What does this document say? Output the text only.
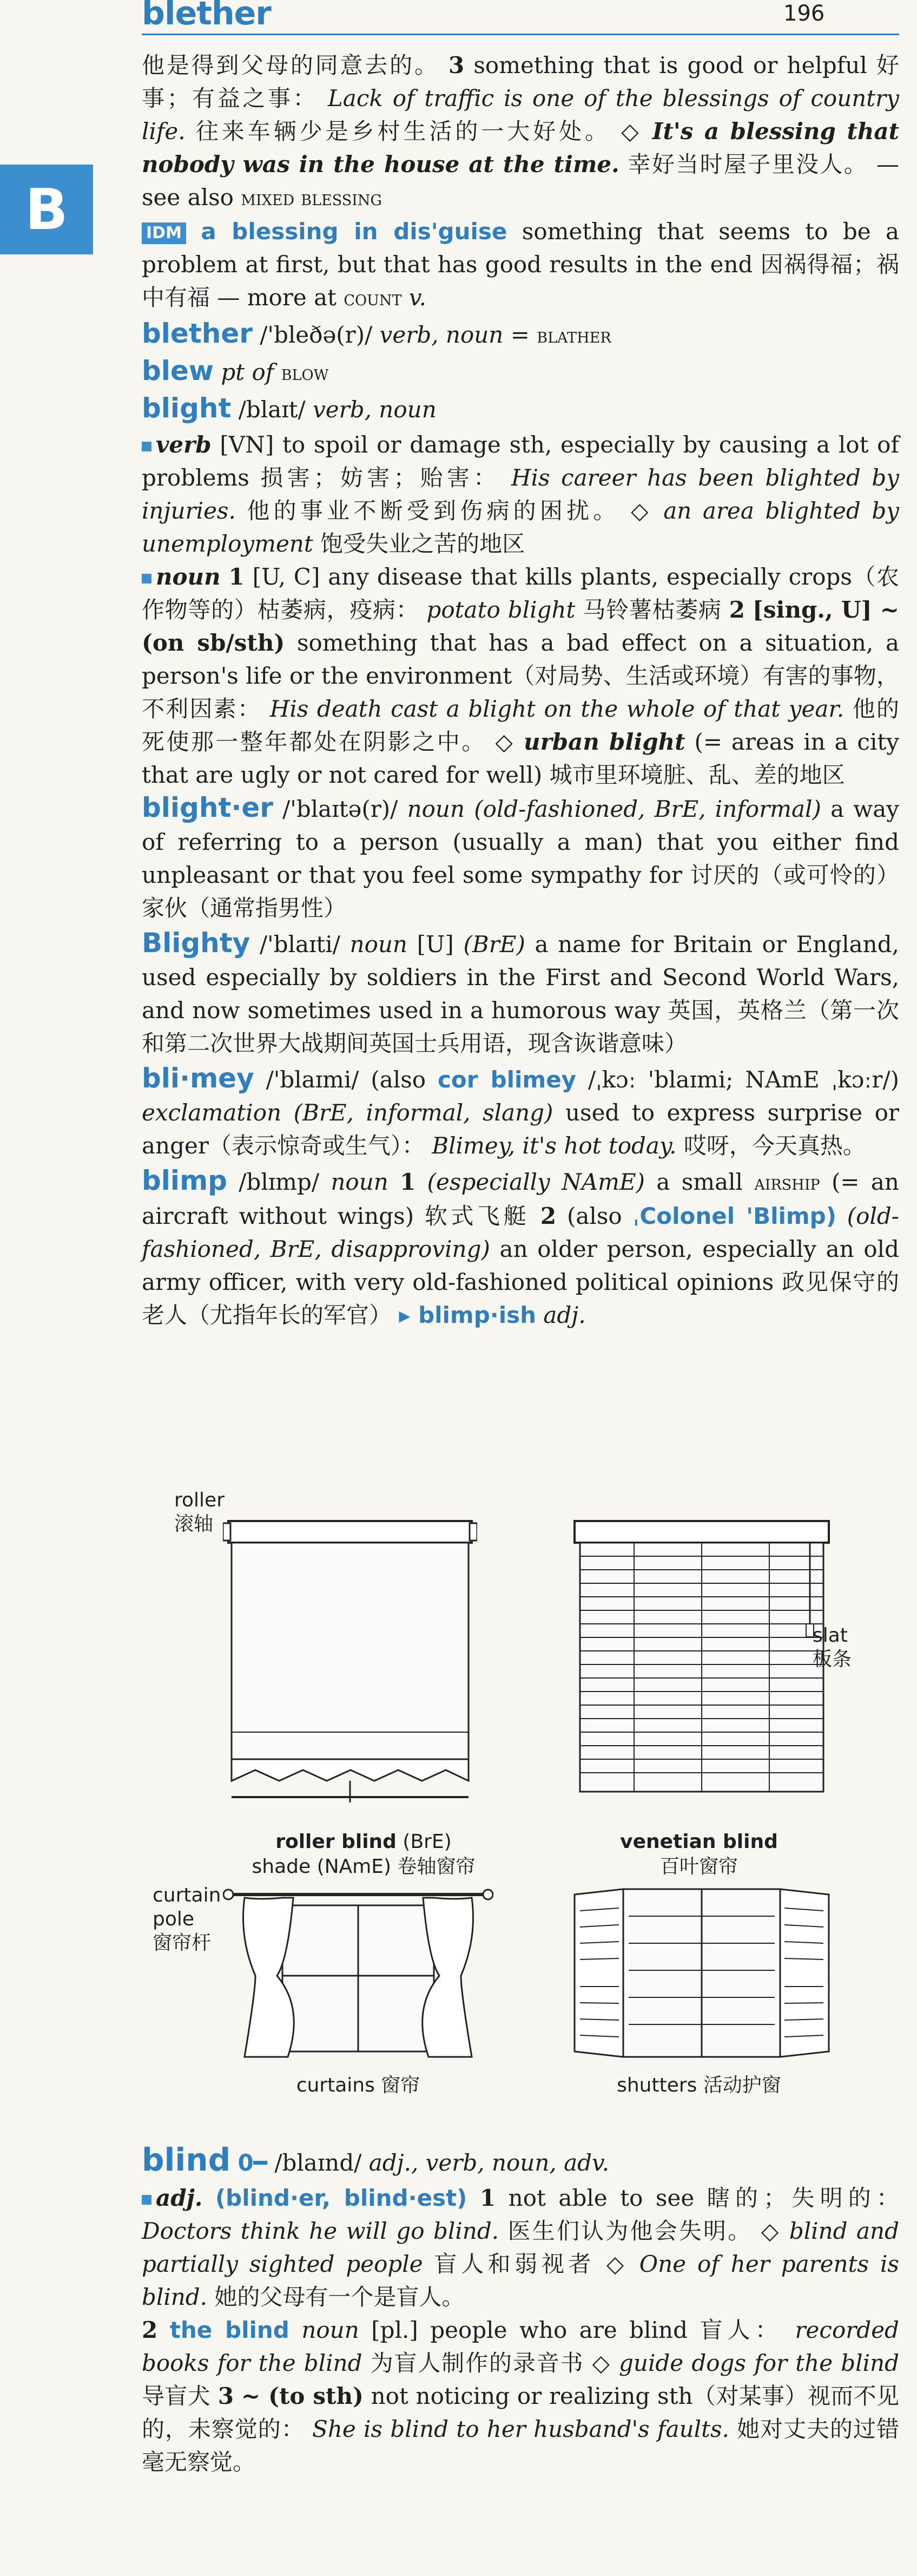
blether	196
B

他是得到父母的同意去的。 3 something that is good or helpful 好事；有益之事： Lack of traffic is one of the blessings of country life. 往来车辆少是乡村生活的一大好处。 ◇ It's a blessing that nobody was in the house at the time. 幸好当时屋子里没人。 — see also mixed blessing
IDM a blessing in dis'guise something that seems to be a problem at first, but that has good results in the end 因祸得福；祸中有福 — more at count v.

blether /'bleðə(r)/ verb, noun = blather

blew pt of blow

blight /blaɪt/ verb, noun

verb [VN] to spoil or damage sth, especially by causing a lot of problems 损害；妨害；贻害： His career has been blighted by injuries. 他的事业不断受到伤病的困扰。 ◇ an area blighted by unemployment 饱受失业之苦的地区

noun 1 [U, C] any disease that kills plants, especially crops（农作物等的）枯萎病，疫病： potato blight 马铃薯枯萎病 2 [sing., U] ~ (on sb/sth) something that has a bad effect on a situation, a person's life or the environment（对局势、生活或环境）有害的事物，不利因素： His death cast a blight on the whole of that year. 他的死使那一整年都处在阴影之中。 ◇ urban blight (= areas in a city that are ugly or not cared for well) 城市里环境脏、乱、差的地区

blight·er /'blaɪtə(r)/ noun (old-fashioned, BrE, informal) a way of referring to a person (usually a man) that you either find unpleasant or that you feel some sympathy for 讨厌的（或可怜的）家伙（通常指男性）

Blighty /'blaɪti/ noun [U] (BrE) a name for Britain or England, used especially by soldiers in the First and Second World Wars, and now sometimes used in a humorous way 英国，英格兰（第一次和第二次世界大战期间英国士兵用语，现含诙谐意味）

bli·mey /'blaɪmi/ (also cor blimey /ˌkɔː 'blaɪmi; NAmE ˌkɔːr/) exclamation (BrE, informal, slang) used to express surprise or anger（表示惊奇或生气）： Blimey, it's hot today. 哎呀，今天真热。

blimp /blɪmp/ noun 1 (especially NAmE) a small airship (= an aircraft without wings) 软式飞艇 2 (also ˌColonel 'Blimp) (old-fashioned, BrE, disapproving) an older person, especially an old army officer, with very old-fashioned political opinions 政见保守的老人（尤指年长的军官） ▸ blimp·ish adj.

roller
滚轴
roller blind (BrE)
shade (NAmE) 卷轴窗帘
slat
板条
venetian blind
百叶窗帘
curtain
pole
窗帘杆
curtains 窗帘	shutters 活动护窗

blind 0━ /blaɪnd/ adj., verb, noun, adv.

adj. (blind·er, blind·est) 1 not able to see 瞎的；失明的： Doctors think he will go blind. 医生们认为他会失明。 ◇ blind and partially sighted people 盲人和弱视者 ◇ One of her parents is blind. 她的父母有一个是盲人。
2 the blind noun [pl.] people who are blind 盲人： recorded books for the blind 为盲人制作的录音书 ◇ guide dogs for the blind 导盲犬 3 ~ (to sth) not noticing or realizing sth（对某事）视而不见的，未察觉的： She is blind to her husband's faults. 她对丈夫的过错毫无察觉。
